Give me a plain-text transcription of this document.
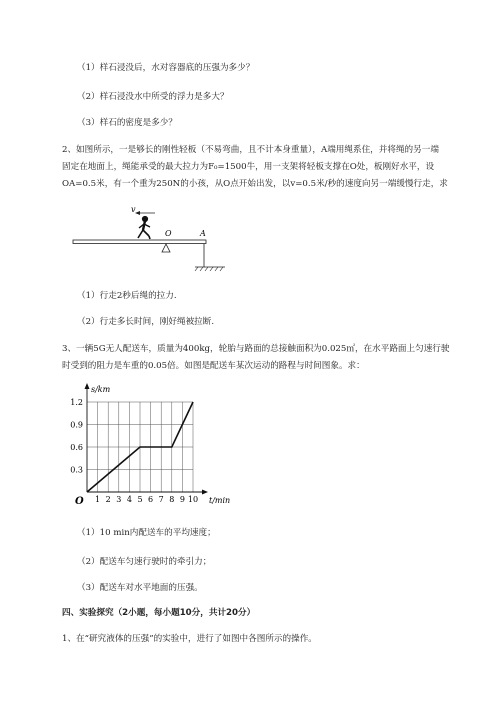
（1）样石浸没后，水对容器底的压强为多少？
（2）样石浸没水中所受的浮力是多大？
（3）样石的密度是多少？
2、如图所示，一是够长的刚性轻板（不易弯曲，且不计本身重量），A端用绳系住，并将绳的另一端
固定在地面上，绳能承受的最大拉力为F₀=1500牛，用一支架将轻板支撑在O处，板刚好水平，设
OA=0.5米，有一个重为250N的小孩，从O点开始出发，以v=0.5米/秒的速度向另一端缓慢行走，求
v
O	A
（1）行走2秒后绳的拉力.
（2）行走多长时间，刚好绳被拉断.
3、一辆5G无人配送车，质量为400kg，轮胎与路面的总接触面积为0.025㎡，在水平路面上匀速行驶
时受到的阻力是车重的0.05倍。如图是配送车某次运动的路程与时间图象。求：
1 2 3 4 5 6 7 8 9 10
0.3
0.6
0.9
1.2
O
s/km
t/min
（1）10 min内配送车的平均速度；
（2）配送车匀速行驶时的牵引力；
（3）配送车对水平地面的压强。
四、实验探究（2小题，每小题10分，共计20分）
1、在“研究液体的压强”的实验中，进行了如图中各图所示的操作。
